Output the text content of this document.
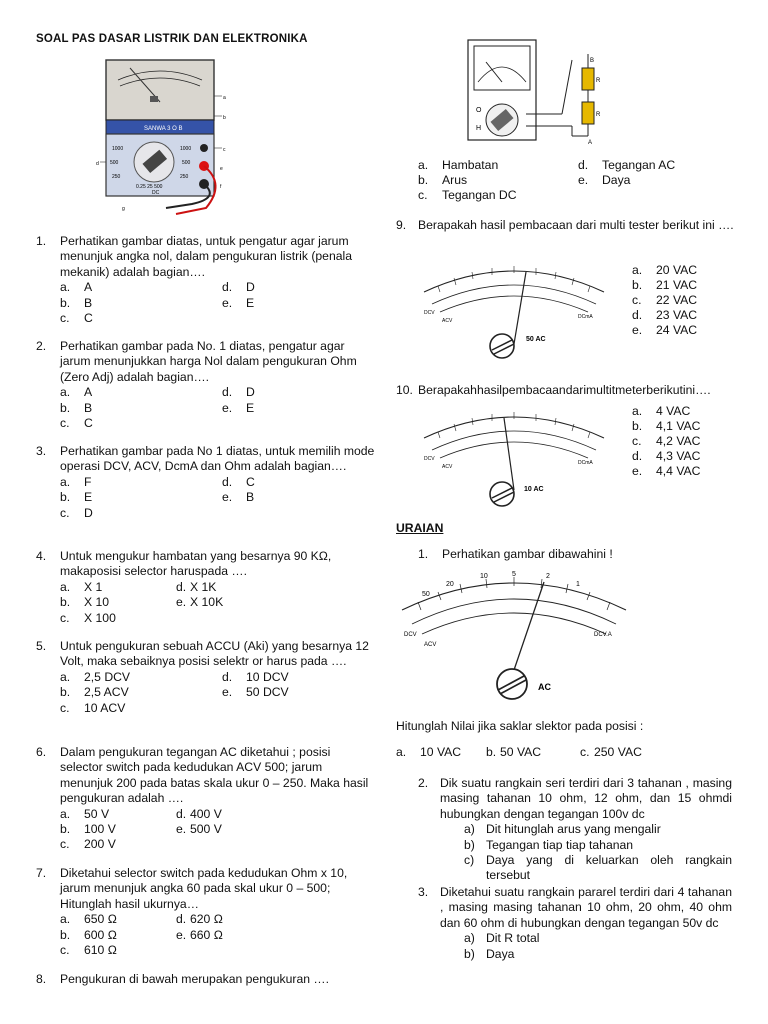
SOAL PAS DASAR LISTRIK DAN ELEKTRONIKA
SANWA 3 O B
1000
500
250
1000
500
250
0.25 25 500
DC
a
b
c
d
e
f
g
1. Perhatikan gambar diatas, untuk pengatur agar jarum menunjuk angka nol, dalam pengukuran listrik (penala mekanik) adalah bagian….
a.	A	d.	D
b.	B	e.	E
c.	C
2. Perhatikan gambar pada No. 1 diatas, pengatur agar jarum menunjukkan harga Nol dalam pengukuran Ohm (Zero Adj) adalah bagian….
a.	A	d.	D
b.	B	e.	E
c.	C
3. Perhatikan gambar pada No 1 diatas, untuk memilih mode operasi DCV, ACV, DcmA dan Ohm adalah bagian….
a.	F	d.	C
b.	E	e.	B
c.	D
4. Untuk mengukur hambatan yang besarnya 90 KΩ, makaposisi selector haruspada ….
a.	X 1	d. X 1K
b.	X 10	e. X 10K
c.	X 100
5. Untuk pengukuran sebuah ACCU (Aki) yang besarnya 12 Volt, maka sebaiknya posisi selektr or harus pada ….
a.	2,5 DCV	d.	10 DCV
b.	2,5 ACV	e.	50 DCV
c.	10 ACV
6. Dalam pengukuran tegangan AC diketahui ; posisi selector switch pada kedudukan ACV 500; jarum menunjuk 200 pada batas skala ukur 0 – 250. Maka hasil pengukuran adalah ….
a.	50 V	d. 400 V
b.	100 V	e. 500 V
c.	200 V
7. Diketahui selector switch pada kedudukan Ohm x 10, jarum menunjuk angka 60 pada skal ukur 0 – 500; Hitunglah hasil ukurnya…
a.	650 Ω	d. 620 Ω
b.	600 Ω	e. 660 Ω
c.	610 Ω
8. Pengukuran di bawah merupakan pengukuran ….
O
H
B
R
R
A
a.	Hambatan
b.	Arus
c.	Tegangan DC
d.	Tegangan AC
e.	Daya
9. Berapakah hasil pembacaan dari multi tester berikut ini ….
DCV
ACV
DCmA
50 AC
a.	20 VAC
b.	21 VAC
c.	22 VAC
d.	23 VAC
e.	24 VAC
10. Berapakahhasilpembacaandarimultitmeterberikutini….
DCV
ACV
DCmA
10 AC
a.	4 VAC
b.	4,1 VAC
c.	4,2 VAC
d.	4,3 VAC
e.	4,4 VAC
URAIAN
1.	Perhatikan gambar dibawahini !
50
20
10	5	2
1
DCV
ACV
DCV.A
AC
Hitunglah Nilai jika saklar slektor pada posisi :
a.	10 VAC b. 50 VAC	c. 250 VAC
2. Dik suatu rangkain seri terdiri dari 3 tahanan , masing masing tahanan 10 ohm, 12 ohm, dan 15 ohmdi hubungkan dengan tegangan 100v dc
a) Dit hitunglah arus yang mengalir
b) Tegangan tiap tiap tahanan
c) Daya yang di keluarkan oleh rangkain tersebut
3. Diketahui suatu rangkain pararel terdiri dari 4 tahanan , masing masing tahanan 10 ohm, 20 ohm, 40 ohm dan 60 ohm di hubungkan dengan tegangan 50v dc
a) Dit R total
b) Daya
